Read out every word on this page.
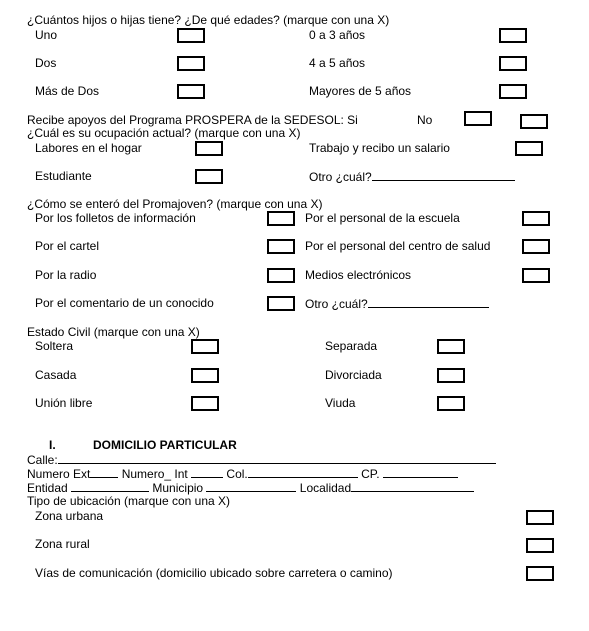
¿Cuántos hijos o hijas tiene? ¿De qué edades? (marque con una X)
Uno	0 a 3 años
Dos	4 a 5 años
Más de Dos	Mayores de 5 años
Recibe apoyos del Programa PROSPERA de la SEDESOL: Si	No
¿Cuál es su ocupación actual? (marque con una X)
Labores en el hogar	Trabajo y recibo un salario
Estudiante	Otro ¿cuál?
¿Cómo se enteró del Promajoven? (marque con una X)
Por los folletos de información	Por el personal de la escuela
Por el cartel	Por el personal del centro de salud
Por la radio	Medios electrónicos
Por el comentario de un conocido	Otro ¿cuál?
Estado Civil (marque con una X)
Soltera	Separada
Casada	Divorciada
Unión libre	Viuda
I.	DOMICILIO PARTICULAR
Calle:
Numero Ext	Numero_ Int	Col.	CP.
Entidad	Municipio	Localidad
Tipo de ubicación (marque con una X)
Zona urbana
Zona rural
Vías de comunicación (domicilio ubicado sobre carretera o camino)
